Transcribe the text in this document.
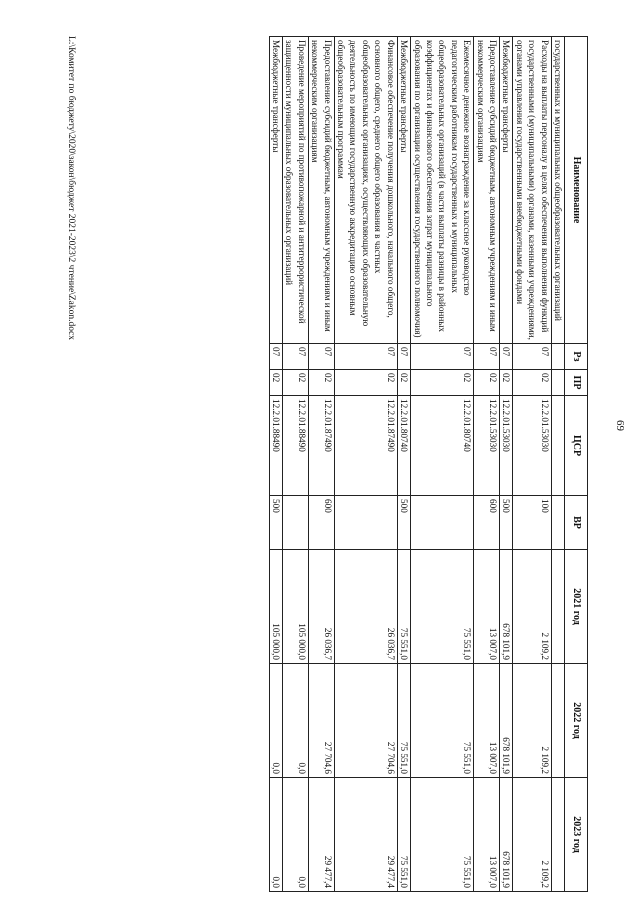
69
Наименование	Рз	ПР	ЦСР	ВР	2021 год	2022 год	2023 год
государственных и муниципальных общеобразовательных организаций							
Расходы на выплаты персоналу в целях обеспечения выполнения функций государственными (муниципальными) органами, казенными учреждениями, органами управления государственными внебюджетными фондами	07	02	12.2.01.53030	100	2 109,2	2 109,2	2 109,2
Межбюджетные трансферты	07	02	12.2.01.53030	500	678 101,9	678 101,9	678 101,9
Предоставление субсидий бюджетным, автономным учреждениям и иным некоммерческим организациям	07	02	12.2.01.53030	600	13 007,0	13 007,0	13 007,0
Ежемесячное денежное вознаграждение за классное руководство педагогическим работникам государственных и муниципальных общеобразовательных организаций (в части выплаты разницы в районных коэффициентах и финансового обеспечения затрат муниципального образования по организации осуществления государственного полномочия)	07	02	12.2.01.80740		75 551,0	75 551,0	75 551,0
Межбюджетные трансферты	07	02	12.2.01.80740	500	75 551,0	75 551,0	75 551,0
Финансовое обеспечение получения дошкольного, начального общего, основного общего, среднего общего образования в частных общеобразовательных организациях, осуществляющих образовательную деятельность по имеющим государственную аккредитацию основным общеобразовательным программам	07	02	12.2.01.87490		26 036,7	27 704,6	29 477,4
Предоставление субсидий бюджетным, автономным учреждениям и иным некоммерческим организациям	07	02	12.2.01.87490	600	26 036,7	27 704,6	29 477,4
Проведение мероприятий по противопожарной и антитеррористической защищенности муниципальных образовательных организаций	07	02	12.2.01.88490		105 000,0	0,0	0,0
Межбюджетные трансферты	07	02	12.2.01.88490	500	105 000,0	0,0	0,0
L:\Комитет по бюджету\2020\закон\бюджет 2021-2023\2 чтение\Zakon.docx
